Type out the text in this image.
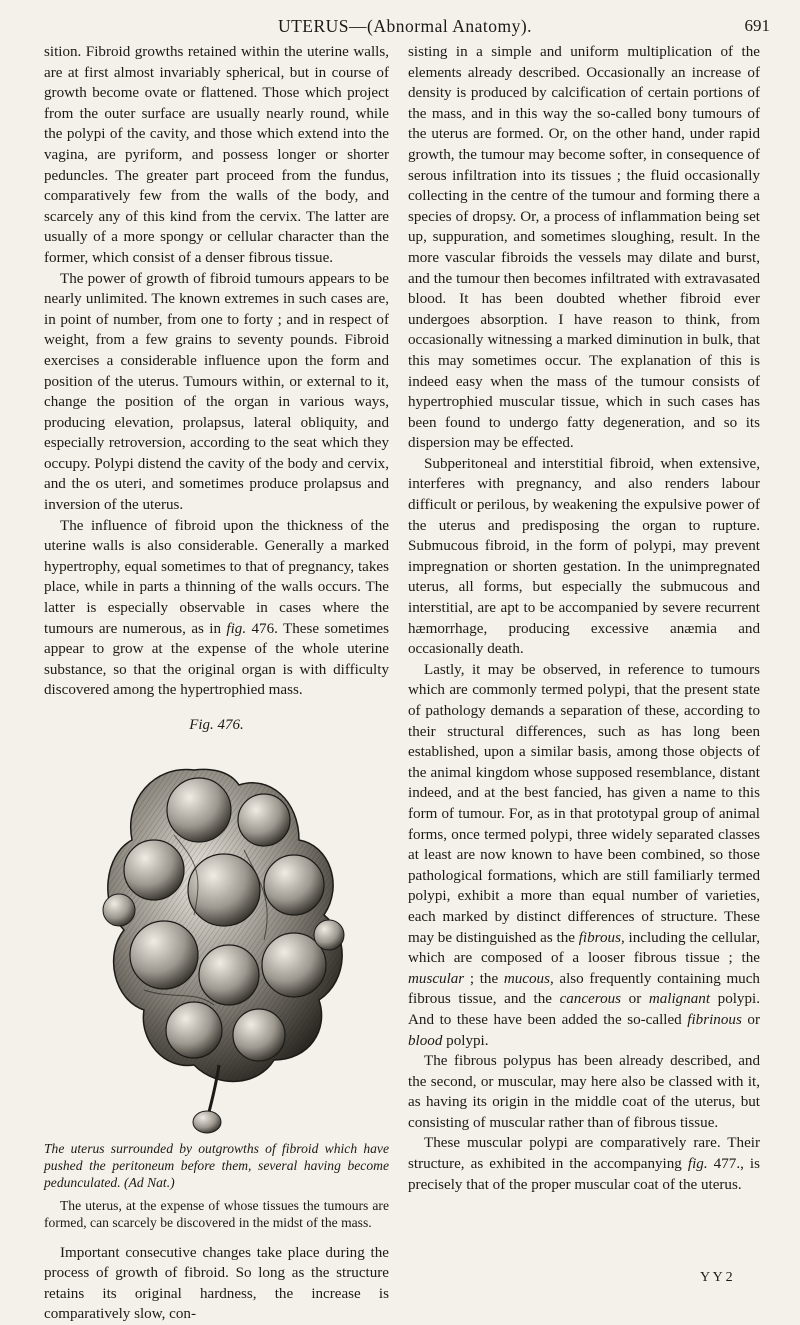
UTERUS—(Abnormal Anatomy).	691

sition. Fibroid growths retained within the uterine walls, are at first almost invariably spherical, but in course of growth become ovate or flattened. Those which project from the outer surface are usually nearly round, while the polypi of the cavity, and those which extend into the vagina, are pyriform, and possess longer or shorter peduncles. The greater part proceed from the fundus, comparatively few from the walls of the body, and scarcely any of this kind from the cervix. The latter are usually of a more spongy or cellular character than the former, which consist of a denser fibrous tissue.

The power of growth of fibroid tumours appears to be nearly unlimited. The known extremes in such cases are, in point of number, from one to forty ; and in respect of weight, from a few grains to seventy pounds. Fibroid exercises a considerable influence upon the form and position of the uterus. Tumours within, or external to it, change the position of the organ in various ways, producing elevation, prolapsus, lateral obliquity, and especially retroversion, according to the seat which they occupy. Polypi distend the cavity of the body and cervix, and the os uteri, and sometimes produce prolapsus and inversion of the uterus.

The influence of fibroid upon the thickness of the uterine walls is also considerable. Generally a marked hypertrophy, equal sometimes to that of pregnancy, takes place, while in parts a thinning of the walls occurs. The latter is especially observable in cases where the tumours are numerous, as in fig. 476. These sometimes appear to grow at the expense of the whole uterine substance, so that the original organ is with difficulty discovered among the hypertrophied mass.

Fig. 476.

The uterus surrounded by outgrowths of fibroid which have pushed the peritoneum before them, several having become pedunculated. (Ad Nat.)

The uterus, at the expense of whose tissues the tumours are formed, can scarcely be discovered in the midst of the mass.

Important consecutive changes take place during the process of growth of fibroid. So long as the structure retains its original hardness, the increase is comparatively slow, con-

sisting in a simple and uniform multiplication of the elements already described. Occasionally an increase of density is produced by calcification of certain portions of the mass, and in this way the so-called bony tumours of the uterus are formed. Or, on the other hand, under rapid growth, the tumour may become softer, in consequence of serous infiltration into its tissues ; the fluid occasionally collecting in the centre of the tumour and forming there a species of dropsy. Or, a process of inflammation being set up, suppuration, and sometimes sloughing, result. In the more vascular fibroids the vessels may dilate and burst, and the tumour then becomes infiltrated with extravasated blood. It has been doubted whether fibroid ever undergoes absorption. I have reason to think, from occasionally witnessing a marked diminution in bulk, that this may sometimes occur. The explanation of this is indeed easy when the mass of the tumour consists of hypertrophied muscular tissue, which in such cases has been found to undergo fatty degeneration, and so its dispersion may be effected.

Subperitoneal and interstitial fibroid, when extensive, interferes with pregnancy, and also renders labour difficult or perilous, by weakening the expulsive power of the uterus and predisposing the organ to rupture. Submucous fibroid, in the form of polypi, may prevent impregnation or shorten gestation. In the unimpregnated uterus, all forms, but especially the submucous and interstitial, are apt to be accompanied by severe recurrent hæmorrhage, producing excessive anæmia and occasionally death.

Lastly, it may be observed, in reference to tumours which are commonly termed polypi, that the present state of pathology demands a separation of these, according to their structural differences, such as has long been established, upon a similar basis, among those objects of the animal kingdom whose supposed resemblance, distant indeed, and at the best fancied, has given a name to this form of tumour. For, as in that prototypal group of animal forms, once termed polypi, three widely separated classes at least are now known to have been combined, so those pathological formations, which are still familiarly termed polypi, exhibit a more than equal number of varieties, each marked by distinct differences of structure. These may be distinguished as the fibrous, including the cellular, which are composed of a looser fibrous tissue ; the muscular ; the mucous, also frequently containing much fibrous tissue, and the cancerous or malignant polypi. And to these have been added the so-called fibrinous or blood polypi.

The fibrous polypus has been already described, and the second, or muscular, may here also be classed with it, as having its origin in the middle coat of the uterus, but consisting of muscular rather than of fibrous tissue.

These muscular polypi are comparatively rare. Their structure, as exhibited in the accompanying fig. 477., is precisely that of the proper muscular coat of the uterus.

Y Y 2
